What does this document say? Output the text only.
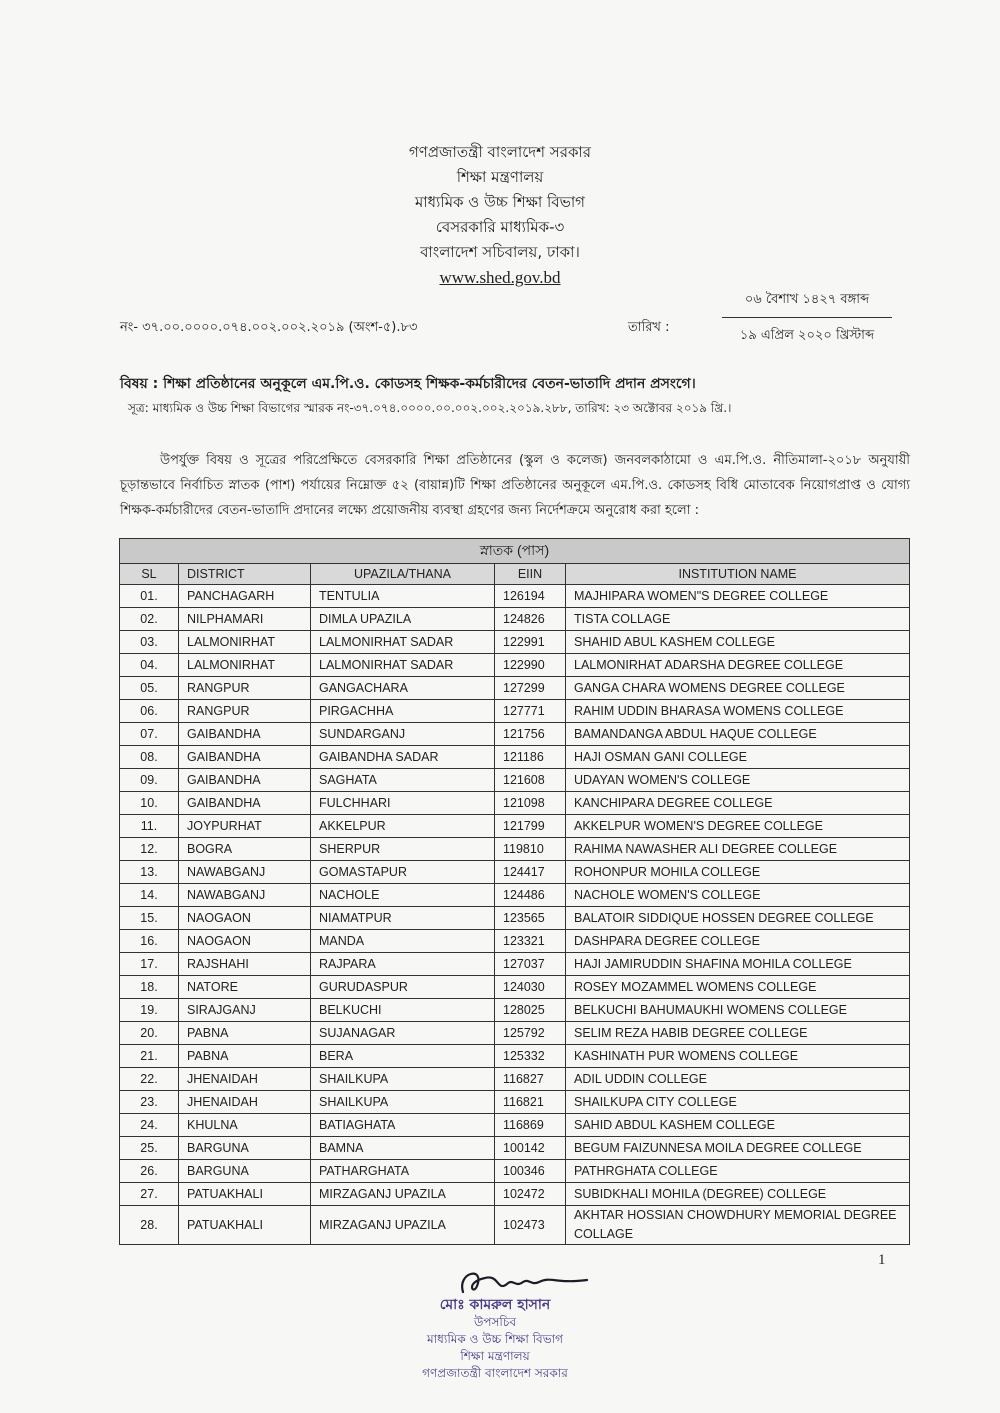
গণপ্রজাতন্ত্রী বাংলাদেশ সরকার
শিক্ষা মন্ত্রণালয়
মাধ্যমিক ও উচ্চ শিক্ষা বিভাগ
বেসরকারি মাধ্যমিক-৩
বাংলাদেশ সচিবালয়, ঢাকা।
www.shed.gov.bd
নং- ৩৭.০০.০০০০.০৭৪.০০২.০০২.২০১৯ (অংশ-৫).৮৩	তারিখ :
০৬ বৈশাখ ১৪২৭ বঙ্গাব্দ
১৯ এপ্রিল ২০২০ খ্রিস্টাব্দ
বিষয় : শিক্ষা প্রতিষ্ঠানের অনুকূলে এম.পি.ও. কোডসহ শিক্ষক-কর্মচারীদের বেতন-ভাতাদি প্রদান প্রসংগে।
সূত্র: মাধ্যমিক ও উচ্চ শিক্ষা বিভাগের স্মারক নং-৩৭.০৭৪.০০০০.০০.০০২.০০২.২০১৯.২৮৮, তারিখ: ২৩ অক্টোবর ২০১৯ খ্রি.।

উপর্যুক্ত বিষয় ও সূত্রের পরিপ্রেক্ষিতে বেসরকারি শিক্ষা প্রতিষ্ঠানের (স্কুল ও কলেজ) জনবলকাঠামো ও এম.পি.ও. নীতিমালা-২০১৮ অনুযায়ী চূড়ান্তভাবে নির্বাচিত স্নাতক (পাশ) পর্যায়ের নিম্নোক্ত ৫২ (বায়ান্ন)টি শিক্ষা প্রতিষ্ঠানের অনুকূলে এম.পি.ও. কোডসহ বিধি মোতাবেক নিয়োগপ্রাপ্ত ও যোগ্য শিক্ষক-কর্মচারীদের বেতন-ভাতাদি প্রদানের লক্ষ্যে প্রয়োজনীয় ব্যবস্থা গ্রহণের জন্য নির্দেশক্রমে অনুরোধ করা হলো :

স্নাতক (পাস)				
SL	DISTRICT	UPAZILA/THANA	EIIN	INSTITUTION NAME
01.	PANCHAGARH	TENTULIA	126194	MAJHIPARA WOMEN"S DEGREE COLLEGE
02.	NILPHAMARI	DIMLA UPAZILA	124826	TISTA COLLAGE
03.	LALMONIRHAT	LALMONIRHAT SADAR	122991	SHAHID ABUL KASHEM COLLEGE
04.	LALMONIRHAT	LALMONIRHAT SADAR	122990	LALMONIRHAT ADARSHA DEGREE COLLEGE
05.	RANGPUR	GANGACHARA	127299	GANGA CHARA WOMENS DEGREE COLLEGE
06.	RANGPUR	PIRGACHHA	127771	RAHIM UDDIN BHARASA WOMENS COLLEGE
07.	GAIBANDHA	SUNDARGANJ	121756	BAMANDANGA ABDUL HAQUE COLLEGE
08.	GAIBANDHA	GAIBANDHA SADAR	121186	HAJI OSMAN GANI COLLEGE
09.	GAIBANDHA	SAGHATA	121608	UDAYAN WOMEN'S COLLEGE
10.	GAIBANDHA	FULCHHARI	121098	KANCHIPARA DEGREE COLLEGE
11.	JOYPURHAT	AKKELPUR	121799	AKKELPUR WOMEN'S DEGREE COLLEGE
12.	BOGRA	SHERPUR	119810	RAHIMA NAWASHER ALI DEGREE COLLEGE
13.	NAWABGANJ	GOMASTAPUR	124417	ROHONPUR MOHILA COLLEGE
14.	NAWABGANJ	NACHOLE	124486	NACHOLE WOMEN'S COLLEGE
15.	NAOGAON	NIAMATPUR	123565	BALATOIR SIDDIQUE HOSSEN DEGREE COLLEGE
16.	NAOGAON	MANDA	123321	DASHPARA DEGREE COLLEGE
17.	RAJSHAHI	RAJPARA	127037	HAJI JAMIRUDDIN SHAFINA MOHILA COLLEGE
18.	NATORE	GURUDASPUR	124030	ROSEY MOZAMMEL WOMENS COLLEGE
19.	SIRAJGANJ	BELKUCHI	128025	BELKUCHI BAHUMAUKHI WOMENS COLLEGE
20.	PABNA	SUJANAGAR	125792	SELIM REZA HABIB DEGREE COLLEGE
21.	PABNA	BERA	125332	KASHINATH PUR WOMENS COLLEGE
22.	JHENAIDAH	SHAILKUPA	116827	ADIL UDDIN COLLEGE
23.	JHENAIDAH	SHAILKUPA	116821	SHAILKUPA CITY COLLEGE
24.	KHULNA	BATIAGHATA	116869	SAHID ABDUL KASHEM COLLEGE
25.	BARGUNA	BAMNA	100142	BEGUM FAIZUNNESA MOILA DEGREE COLLEGE
26.	BARGUNA	PATHARGHATA	100346	PATHRGHATA COLLEGE
27.	PATUAKHALI	MIRZAGANJ UPAZILA	102472	SUBIDKHALI MOHILA (DEGREE) COLLEGE
28.	PATUAKHALI	MIRZAGANJ UPAZILA	102473	AKHTAR HOSSIAN CHOWDHURY MEMORIAL DEGREE COLLAGE
1
মোঃ কামরুল হাসান
উপসচিব
মাধ্যমিক ও উচ্চ শিক্ষা বিভাগ
শিক্ষা মন্ত্রণালয়
গণপ্রজাতন্ত্রী বাংলাদেশ সরকার
